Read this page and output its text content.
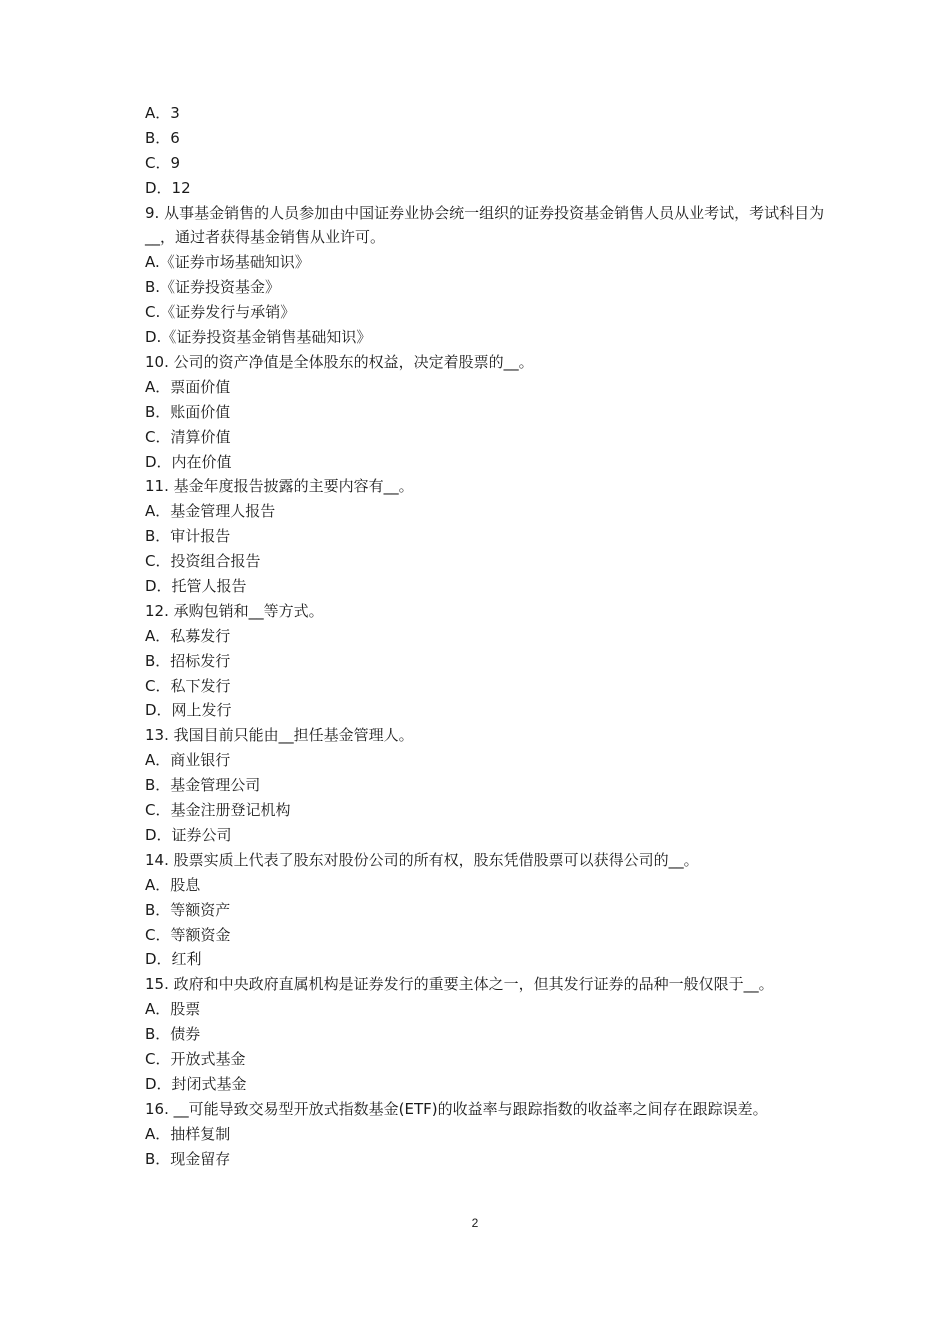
A．3
B．6
C．9
D．12
9. 从事基金销售的人员参加由中国证券业协会统一组织的证券投资基金销售人员从业考试，考试科目为__，通过者获得基金销售从业许可。
A.《证券市场基础知识》
B.《证券投资基金》
C.《证券发行与承销》
D.《证券投资基金销售基础知识》
10. 公司的资产净值是全体股东的权益，决定着股票的__。
A．票面价值
B．账面价值
C．清算价值
D．内在价值
11. 基金年度报告披露的主要内容有__。
A．基金管理人报告
B．审计报告
C．投资组合报告
D．托管人报告
12. 承购包销和__等方式。
A．私募发行
B．招标发行
C．私下发行
D．网上发行
13. 我国目前只能由__担任基金管理人。
A．商业银行
B．基金管理公司
C．基金注册登记机构
D．证券公司
14. 股票实质上代表了股东对股份公司的所有权，股东凭借股票可以获得公司的__。
A．股息
B．等额资产
C．等额资金
D．红利
15. 政府和中央政府直属机构是证券发行的重要主体之一，但其发行证券的品种一般仅限于__。
A．股票
B．债券
C．开放式基金
D．封闭式基金
16. __可能导致交易型开放式指数基金(ETF)的收益率与跟踪指数的收益率之间存在跟踪误差。
A．抽样复制
B．现金留存
2
